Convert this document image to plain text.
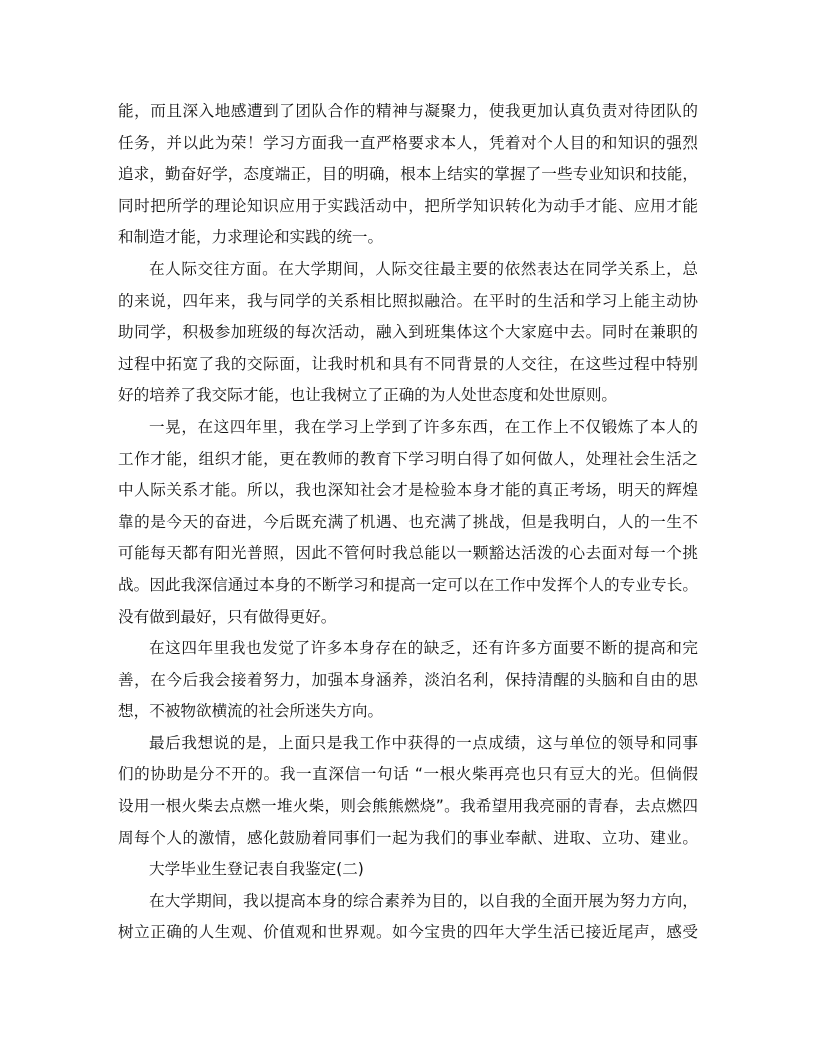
能，而且深入地感遭到了团队合作的精神与凝聚力，使我更加认真负责对待团队的
任务，并以此为荣！学习方面我一直严格要求本人，凭着对个人目的和知识的强烈
追求，勤奋好学，态度端正，目的明确，根本上结实的掌握了一些专业知识和技能，
同时把所学的理论知识应用于实践活动中，把所学知识转化为动手才能、应用才能
和制造才能，力求理论和实践的统一。
在人际交往方面。在大学期间，人际交往最主要的依然表达在同学关系上，总
的来说，四年来，我与同学的关系相比照拟融洽。在平时的生活和学习上能主动协
助同学，积极参加班级的每次活动，融入到班集体这个大家庭中去。同时在兼职的
过程中拓宽了我的交际面，让我时机和具有不同背景的人交往，在这些过程中特别
好的培养了我交际才能，也让我树立了正确的为人处世态度和处世原则。
一晃，在这四年里，我在学习上学到了许多东西，在工作上不仅锻炼了本人的
工作才能，组织才能，更在教师的教育下学习明白得了如何做人，处理社会生活之
中人际关系才能。所以，我也深知社会才是检验本身才能的真正考场，明天的辉煌
靠的是今天的奋进，今后既充满了机遇、也充满了挑战，但是我明白，人的一生不
可能每天都有阳光普照，因此不管何时我总能以一颗豁达活泼的心去面对每一个挑
战。因此我深信通过本身的不断学习和提高一定可以在工作中发挥个人的专业专长。
没有做到最好，只有做得更好。
在这四年里我也发觉了许多本身存在的缺乏，还有许多方面要不断的提高和完
善，在今后我会接着努力，加强本身涵养，淡泊名利，保持清醒的头脑和自由的思
想，不被物欲横流的社会所迷失方向。
最后我想说的是，上面只是我工作中获得的一点成绩，这与单位的领导和同事
们的协助是分不开的。我一直深信一句话 “一根火柴再亮也只有豆大的光。但倘假
设用一根火柴去点燃一堆火柴，则会熊熊燃烧”。我希望用我亮丽的青春，去点燃四
周每个人的激情，感化鼓励着同事们一起为我们的事业奉献、进取、立功、建业。
大学毕业生登记表自我鉴定(二)
在大学期间，我以提高本身的综合素养为目的，以自我的全面开展为努力方向，
树立正确的人生观、价值观和世界观。如今宝贵的四年大学生活已接近尾声，感受
